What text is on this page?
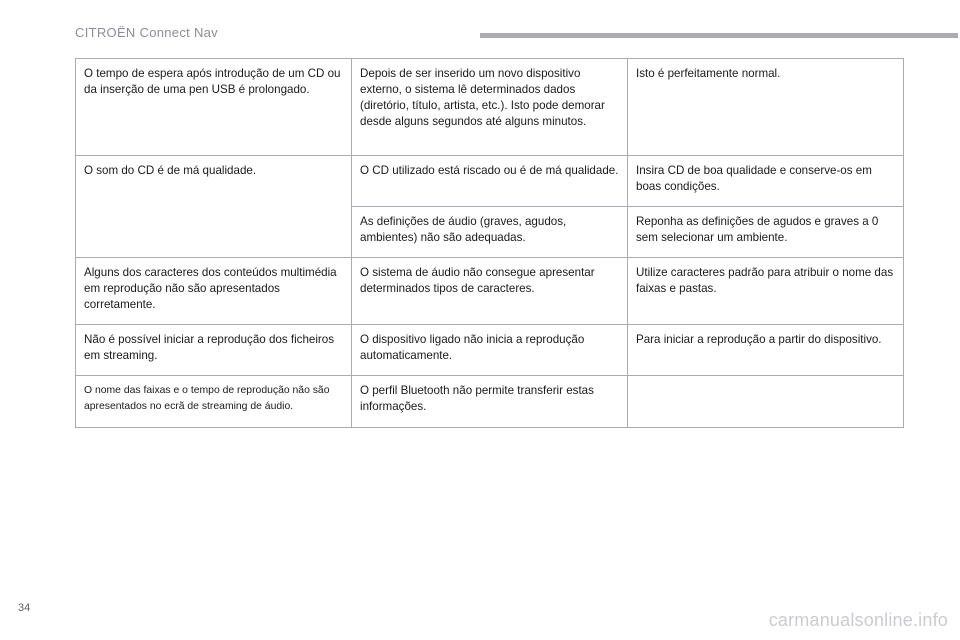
CITROËN Connect Nav
O tempo de espera após introdução de um CD ou da inserção de uma pen USB é prolongado.	Depois de ser inserido um novo dispositivo externo, o sistema lê determinados dados (diretório, título, artista, etc.). Isto pode demorar desde alguns segundos até alguns minutos.	Isto é perfeitamente normal.
O som do CD é de má qualidade.	O CD utilizado está riscado ou é de má qualidade.	Insira CD de boa qualidade e conserve-os em boas condições.
	As definições de áudio (graves, agudos, ambientes) não são adequadas.	Reponha as definições de agudos e graves a 0 sem selecionar um ambiente.
Alguns dos caracteres dos conteúdos multimédia em reprodução não são apresentados corretamente.	O sistema de áudio não consegue apresentar determinados tipos de caracteres.	Utilize caracteres padrão para atribuir o nome das faixas e pastas.
Não é possível iniciar a reprodução dos ficheiros em streaming.	O dispositivo ligado não inicia a reprodução automaticamente.	Para iniciar a reprodução a partir do dispositivo.
O nome das faixas e o tempo de reprodução não são apresentados no ecrã de streaming de áudio.	O perfil Bluetooth não permite transferir estas informações.	
34
carmanualsonline.info
